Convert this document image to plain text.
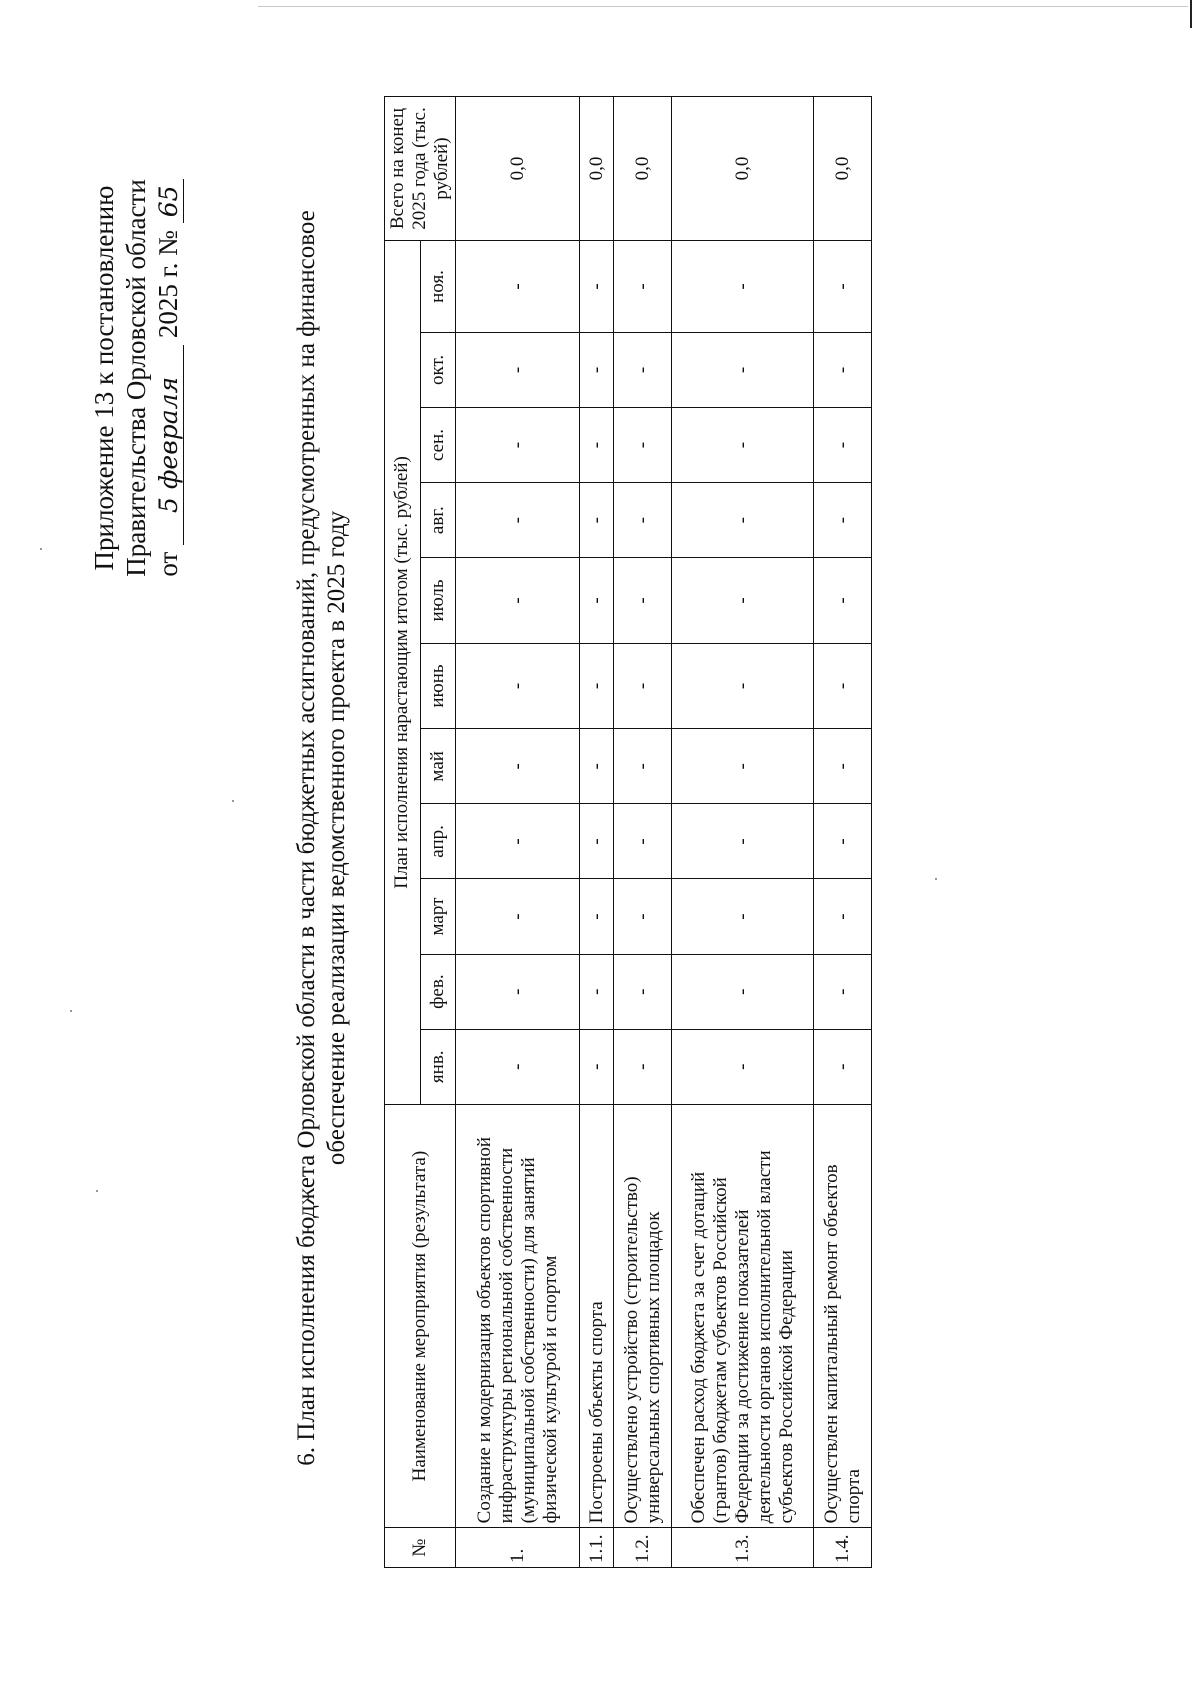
Приложение 13 к постановлению Правительства Орловской области от 5 февраля 2025 г. № 65
6. План исполнения бюджета Орловской области в части бюджетных ассигнований, предусмотренных на финансовое обеспечение реализации ведомственного проекта в 2025 году
№	Наименование мероприятия (результата)	План исполнения нарастающим итогом (тыс. рублей)											Всего на конец 2025 года (тыс. рублей)
		янв.	фев.	март	апр.	май	июнь	июль	авг.	сен.	окт.	ноя.	
1.	Создание и модернизация объектов спортивной инфраструктуры региональной собственности (муниципальной собственности) для занятий физической культурой и спортом	-	-	-	-	-	-	-	-	-	-	-	0,0
1.1.	Построены объекты спорта	-	-	-	-	-	-	-	-	-	-	-	0,0
1.2.	Осуществлено устройство (строительство) универсальных спортивных площадок	-	-	-	-	-	-	-	-	-	-	-	0,0
1.3.	Обеспечен расход бюджета за счет дотаций (грантов) бюджетам субъектов Российской Федерации за достижение показателей деятельности органов исполнительной власти субъектов Российской Федерации	-	-	-	-	-	-	-	-	-	-	-	0,0
1.4.	Осуществлен капитальный ремонт объектов спорта	-	-	-	-	-	-	-	-	-	-	-	0,0
